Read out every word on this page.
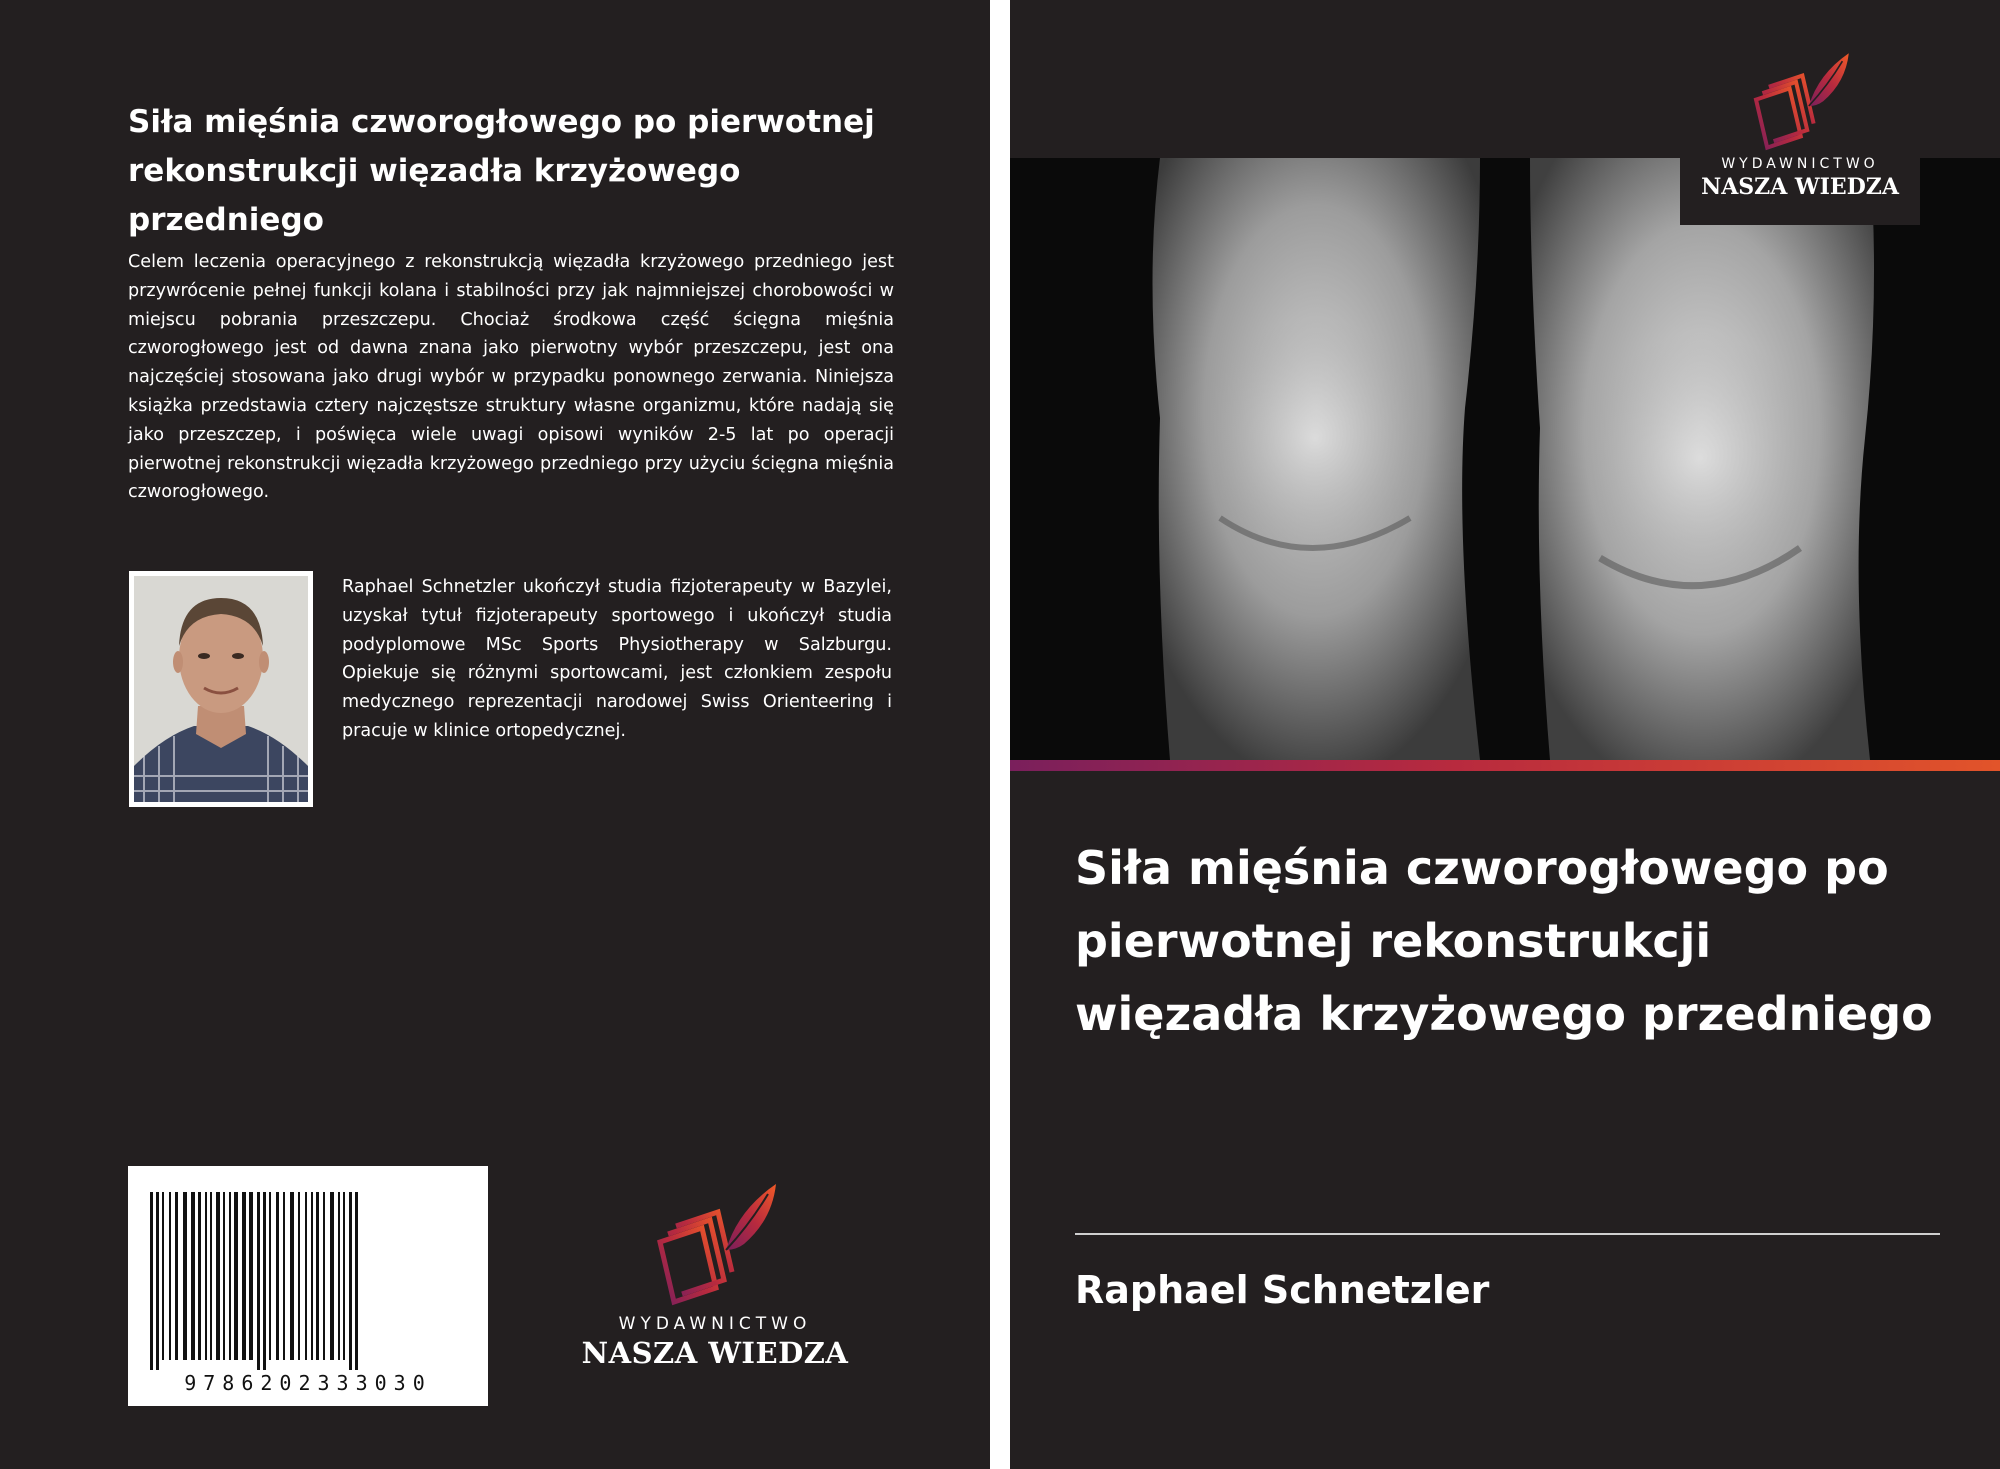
Siła mięśnia czworogłowego po pierwotnej rekonstrukcji więzadła krzyżowego przedniego

Celem leczenia operacyjnego z rekonstrukcją więzadła krzyżowego przedniego jest przywrócenie pełnej funkcji kolana i stabilności przy jak najmniejszej chorobowości w miejscu pobrania przeszczepu. Chociaż środkowa część ścięgna mięśnia czworogłowego jest od dawna znana jako pierwotny wybór przeszczepu, jest ona najczęściej stosowana jako drugi wybór w przypadku ponownego zerwania. Niniejsza książka przedstawia cztery najczęstsze struktury własne organizmu, które nadają się jako przeszczep, i poświęca wiele uwagi opisowi wyników 2-5 lat po operacji pierwotnej rekonstrukcji więzadła krzyżowego przedniego przy użyciu ścięgna mięśnia czworogłowego.

Raphael Schnetzler ukończył studia fizjoterapeuty w Bazylei, uzyskał tytuł fizjoterapeuty sportowego i ukończył studia podyplomowe MSc Sports Physiotherapy w Salzburgu. Opiekuje się różnymi sportowcami, jest członkiem zespołu medycznego reprezentacji narodowej Swiss Orienteering i pracuje w klinice ortopedycznej.

9786202333030
WYDAWNICTWO
NASZA WIEDZA
WYDAWNICTWO
NASZA WIEDZA
Siła mięśnia czworogłowego po pierwotnej rekonstrukcji więzadła krzyżowego przedniego

Raphael Schnetzler
